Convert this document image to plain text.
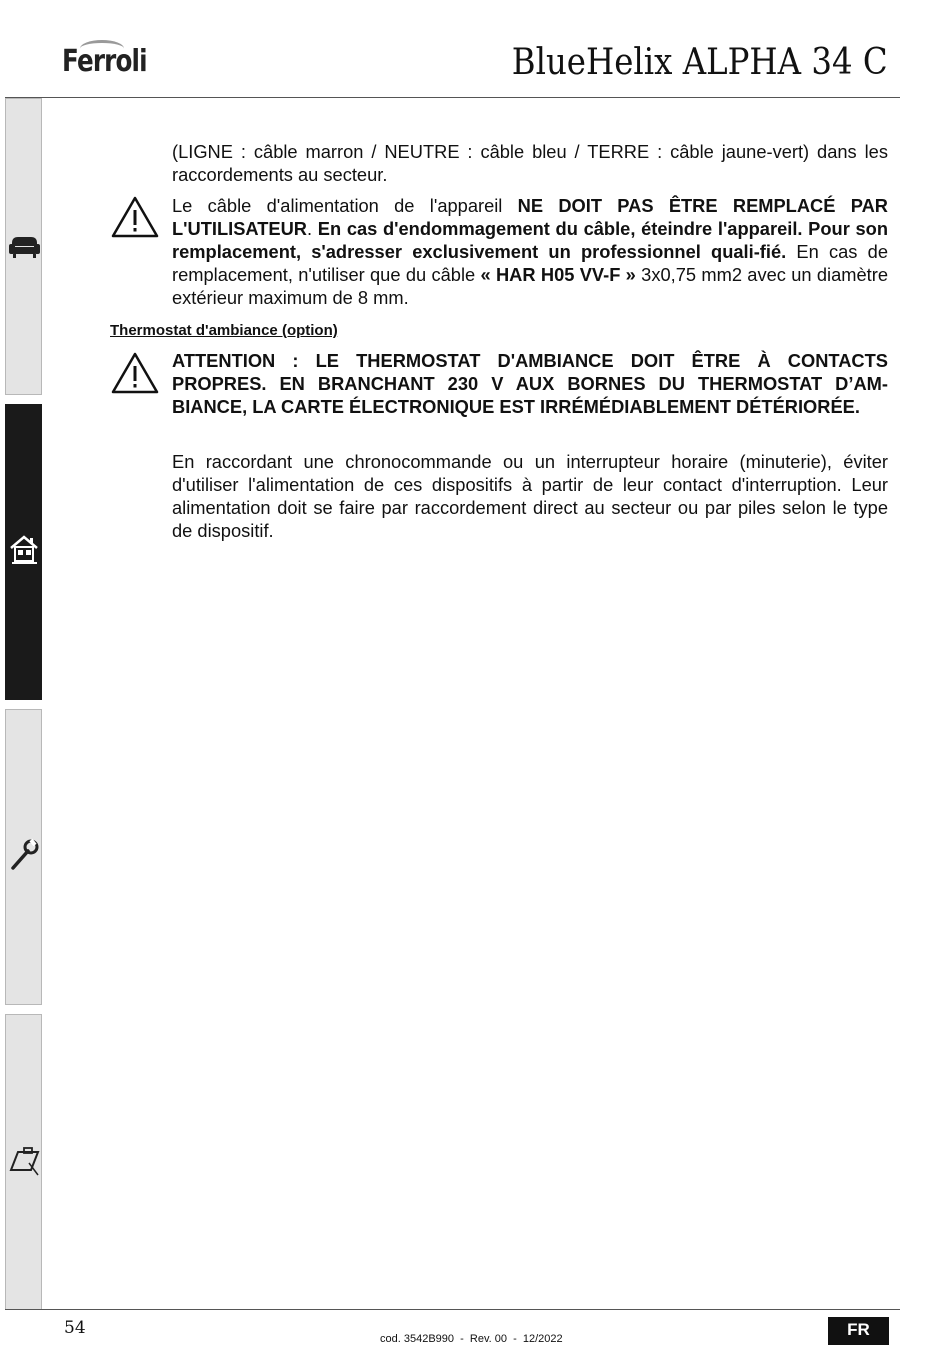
Ferroli	BlueHelix ALPHA 34 C

(LIGNE : câble marron / NEUTRE : câble bleu / TERRE : câble jaune-vert) dans les raccordements au secteur.

Le câble d'alimentation de l'appareil NE DOIT PAS ÊTRE REMPLACÉ PAR L'UTILISATEUR. En cas d'endommagement du câble, éteindre l'appareil. Pour son remplacement, s'adresser exclusivement un professionnel quali-fié. En cas de remplacement, n'utiliser que du câble « HAR H05 VV-F » 3x0,75 mm2 avec un diamètre extérieur maximum de 8 mm.

Thermostat d'ambiance (option)

ATTENTION : LE THERMOSTAT D'AMBIANCE DOIT ÊTRE À CONTACTS PROPRES. EN BRANCHANT 230 V AUX BORNES DU THERMOSTAT D’AM-BIANCE, LA CARTE ÉLECTRONIQUE EST IRRÉMÉDIABLEMENT DÉTÉRIORÉE.

En raccordant une chronocommande ou un interrupteur horaire (minuterie), éviter d'utiliser l'alimentation de ces dispositifs à partir de leur contact d'interruption. Leur alimentation doit se faire par raccordement direct au secteur ou par piles selon le type de dispositif.

54
cod. 3542B990  -  Rev. 00  -  12/2022	FR
